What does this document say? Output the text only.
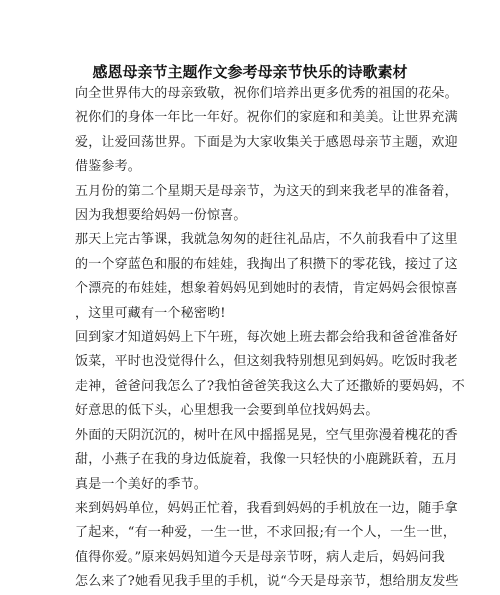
感恩母亲节主题作文参考母亲节快乐的诗歌素材

向全世界伟大的母亲致敬，祝你们培养出更多优秀的祖国的花朵。
祝你们的身体一年比一年好。祝你们的家庭和和美美。让世界充满
爱，让爱回荡世界。下面是为大家收集关于感恩母亲节主题，欢迎
借鉴参考。

五月份的第二个星期天是母亲节，为这天的到来我老早的准备着，
因为我想要给妈妈一份惊喜。

那天上完古筝课，我就急匆匆的赶往礼品店，不久前我看中了这里
的一个穿蓝色和服的布娃娃，我掏出了积攒下的零花钱，接过了这
个漂亮的布娃娃，想象着妈妈见到她时的表情，肯定妈妈会很惊喜
，这里可藏有一个秘密哟!

回到家才知道妈妈上下午班，每次她上班去都会给我和爸爸准备好
饭菜，平时也没觉得什么，但这刻我特别想见到妈妈。吃饭时我老
走神，爸爸问我怎么了?我怕爸爸笑我这么大了还撒娇的要妈妈，不
好意思的低下头，心里想我一会要到单位找妈妈去。

外面的天阴沉沉的，树叶在风中摇摇晃晃，空气里弥漫着槐花的香
甜，小燕子在我的身边低旋着，我像一只轻快的小鹿跳跃着，五月
真是一个美好的季节。

来到妈妈单位，妈妈正忙着，我看到妈妈的手机放在一边，随手拿
了起来，“有一种爱，一生一世，不求回报;有一个人，一生一世，
值得你爱。”原来妈妈知道今天是母亲节呀，病人走后，妈妈问我
怎么来了?她看见我手里的手机，说“今天是母亲节，想给朋友发些
